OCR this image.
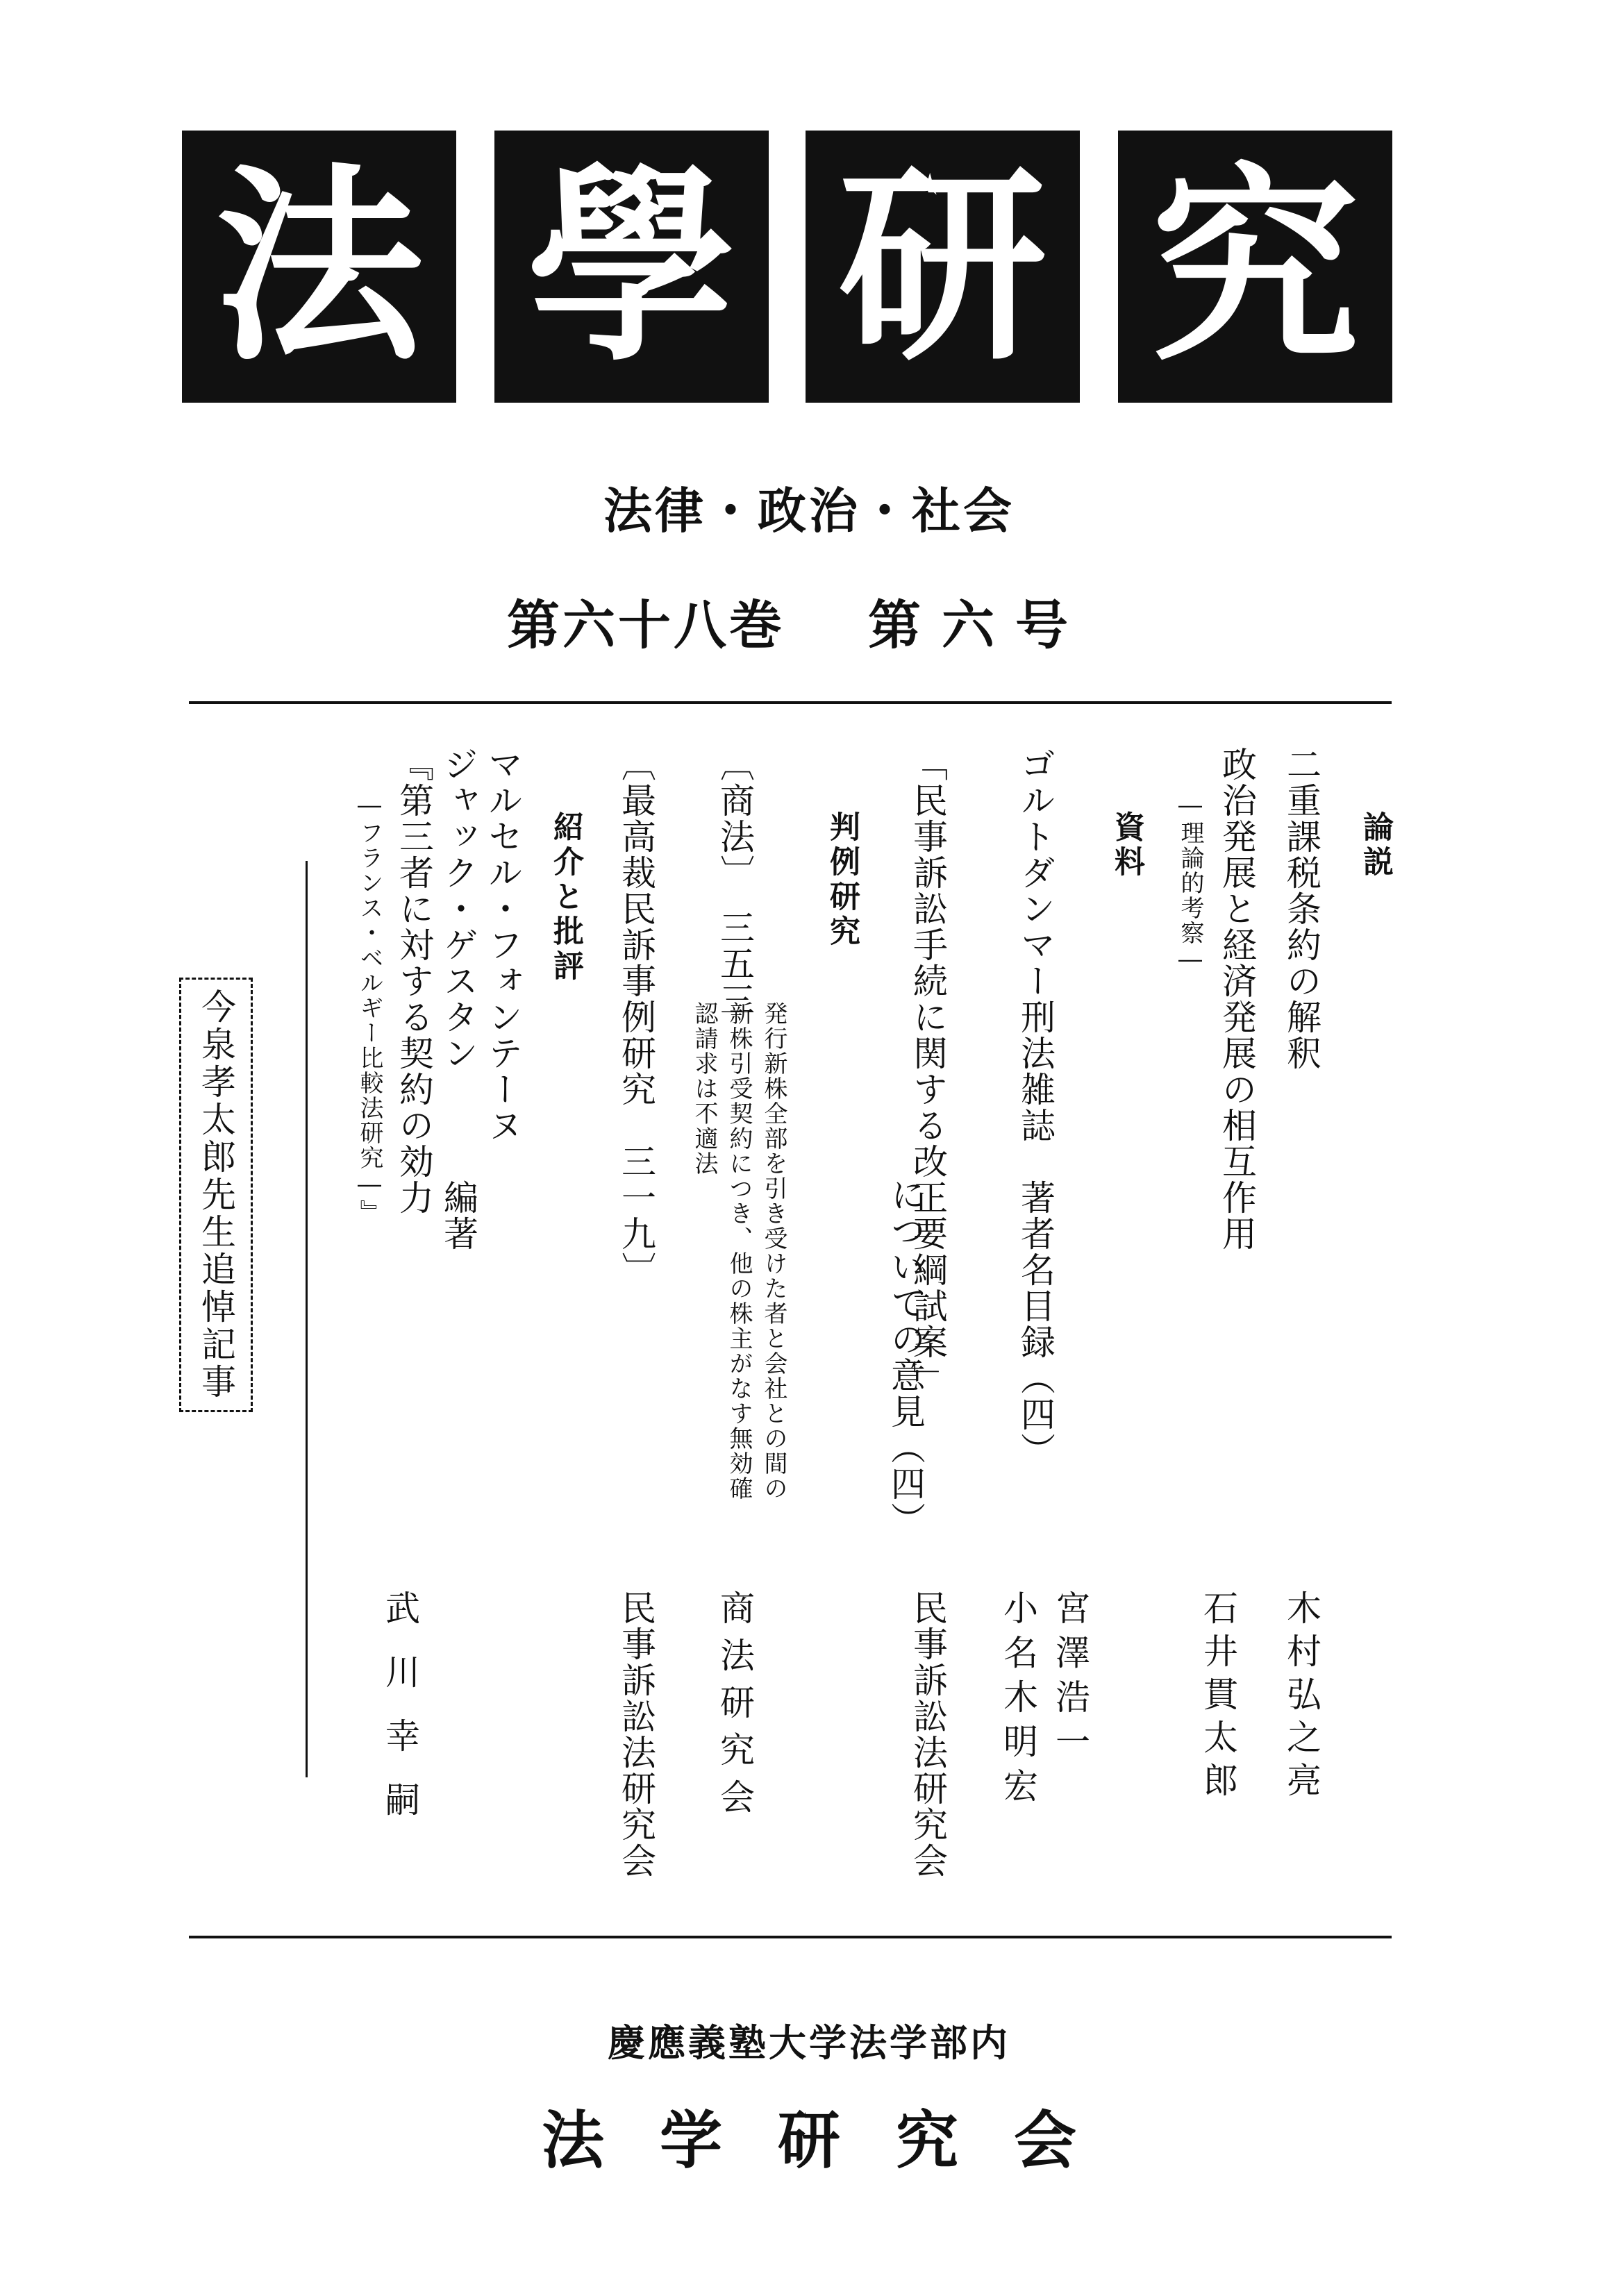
法 學 研 究
法律・政治・社会
第六十八巻 第六号
論説
二重課税条約の解釈
木村弘之亮
政治発展と経済発展の相互作用
―理論的考察―
石井貫太郎
資料
ゴルトダンマー刑法雑誌　著者名目録（四）
宮澤浩一
小名木明宏
「民事訴訟手続に関する改正要綱試案」
についての意見（四）
民事訴訟法研究会
判例研究
発行新株全部を引き受けた者と会社との間の
新株引受契約につき、他の株主がなす無効確
認請求は不適法
〔商法〕　三五三
商法研究会
〔最高裁民訴事例研究　三一九〕
民事訴訟法研究会
紹介と批評
マルセル・フォンテーヌ
ジャック・ゲスタン　　　編著
『第三者に対する契約の効力
―フランス・ベルギー比較法研究―』
武川幸嗣
今泉孝太郎先生追悼記事
慶應義塾大学法学部内
法学研究会
